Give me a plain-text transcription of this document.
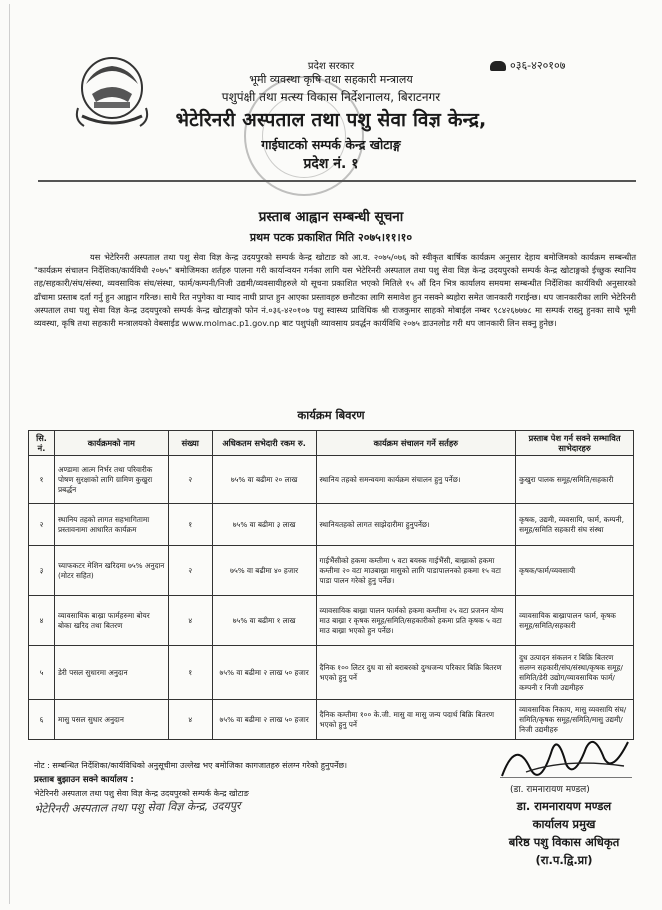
०३६-४२०१०७
प्रदेश सरकार
भूमी व्यवस्था कृषि तथा सहकारी मन्त्रालय
पशुपंक्षी तथा मत्स्य विकास निर्देशनालय, बिराटनगर
भेटेरिनरी अस्पताल तथा पशु सेवा विज्ञ केन्द्र,
गाईघाटको सम्पर्क केन्द्र खोटाङ्ग
प्रदेश नं. १
प्रस्ताब आह्वान सम्बन्धी सूचना
प्रथम पटक प्रकाशित मिति २०७५।११।१०
यस भेटेरिनरी अस्पताल तथा पशु सेवा विज्ञ केन्द्र उदयपुरको सम्पर्क केन्द्र खोटाङ को आ.व. २०७५/०७६ को स्वीकृत बार्षिक कार्यक्रम अनुसार देहाय बमोजिमको कार्यक्रम सम्बन्धीत "कार्यक्रम संचालन निर्देशिका/कार्यविधी २०७५" बमोजिमका शर्तहरु पालना गरी कार्यान्वयन गर्नका लागि यस भेटेरिनरी अस्पताल तथा पशु सेवा विज्ञ केन्द्र उदयपुरको सम्पर्क केन्द्र खोटाङ्गको ईच्छुक स्थानिय तह/सहकारी/संघ/संस्था, व्यवसायिक संघ/संस्था, फार्म/कम्पनी/निजी उद्यमी/व्यवसायीहरुले यो सूचना प्रकाशित भएको मितिले १५ औं दिन भित्र कार्यालय समयमा सम्बन्धीत निर्देशिका कार्यविधी अनुसारको ढाँचामा प्रस्ताब दर्ता गर्नु हुन आह्वान गरिन्छ। साथै रित नपुगेका वा म्याद नाघी प्राप्त हुन आएका प्रस्तावहरु छनौटका लागि समावेश हुन नसक्ने ब्यहोरा समेत जानकारी गराईन्छ। थप जानकारीका लागि भेटेरिनरी अस्पताल तथा पशु सेवा विज्ञ केन्द्र उदयपुरको सम्पर्क केन्द्र खोटाङ्गको फोन नं.०३६-४२०१०७ पशु स्वास्थ्य प्राविधिक श्री राजकुमार साहको मोबाईल नम्बर ९८४२६७७७८ मा सम्पर्क राख्नु हुनका साथै भूमी व्यवस्था, कृषि तथा सहकारी मन्त्रालयको वेबसाईड www.molmac.p1.gov.np बाट पशुपंक्षी व्यावसाय प्रवर्द्धन कार्यविधि २०७५ डाउनलोड गरी थप जानकारी लिन सक्नु हुनेछ।
कार्यक्रम बिवरण
सि. नं.	कार्यक्रमको नाम	संख्या	अधिकतम सभेदारी रकम रु.	कार्यक्रम संचालन गर्ने सर्तहरु	प्रस्ताब पेश गर्न सक्ने सम्भावित साभेदारहरु
१	अण्डामा आत्म निर्भर तथा परिवारीक पोषण सुरक्षाको लागि ग्रामिण कुखुरा प्रबर्द्धन	२	७५% वा बढीमा २० लाख	स्थानिय तहको समन्वयमा कार्यक्रम संचालन हुनु पर्नेछ।	कुखुरा पालक समूह/समिति/सहकारी
२	स्थानिय तहको लागत सहभागितामा प्रस्तावनामा आधारित कार्यक्रम	१	७५% वा बढीमा ३ लाख	स्थानियतहको लागत साझेदारीमा हुनुपर्नेछ।	कृषक, उद्यमी, व्यवसायि, फार्म, कम्पनी, समूह/समिति सहकारी संघ संस्था
३	च्याफकटर मेशिन खरिदमा ७५% अनुदान (मोटर सहित)	२	७५% वा बढीमा ४० हजार	गाईभैंसीको हकमा कम्तीमा ५ वटा बयस्क गाईभैंसी, बाख्राको हकमा कम्तीमा २० वटा माउबाख्रा मासुको लागि पाडापालनको हकमा १५ वटा पाडा पालन गरेको हुनु पर्नेछ।	कृषक/फार्म/व्यवसायी
४	व्यावसायिक बाख्रा फार्महरुमा बोयर बोका खरिद तथा बितरण	४	७५% वा बढीमा १ लाख	व्यावसायिक बाख्रा पालन फार्मको हकमा कम्तीमा २५ वटा प्रजनन योग्य माउ बाख्रा र कृषक समूह/समिति/सहकारीको हकमा प्रति कृषक ५ वटा माउ बाख्रा भएको हुन पर्नेछ।	व्यावसायिक बाख्रापालन फार्म, कृषक समूह/समिति/सहकारी
५	डेरी पसल सुधारमा अनुदान	१	७५% वा बढीमा २ लाख ५० हजार	दैनिक १०० लिटर दुध वा सो बराबरको दुग्धजन्य परिकार बिक्रि बितरण भएको हुनु पर्ने	दुध उत्पादन संकलन र बिक्रि बितरण सलग्न सहकारी/संघ/संस्था/कृषक समूह/समिति/डेरी उद्योग/व्यावसायिक फार्म/कम्पनी र निजी उद्यमीहरु
६	मासु पसल सुधार अनुदान	४	७५% वा बढीमा २ लाख ५० हजार	दैनिक कम्तीमा १०० के.जी. मासु वा मासु जन्य पदार्थ बिक्रि बितरण भएको हुनु पर्ने	व्यावसायिक निकाय, मासु व्यवसायि संघ/समिति/कृषक समूह/समिति/मासु उद्यमी/निजी उद्यमीहरु
नोट : सम्बन्धित निर्देशिका/कार्यविधिको अनुसूचीमा उल्लेख भए बमोजिका कागजातहरु संलग्न गरेको हुनुपर्नेछ।
प्रस्ताब बुझाउन सक्ने कार्यालय :
भेटेरिनरी अस्पताल तथा पशु सेवा विज्ञ केन्द्र उदयपुरको सम्पर्क केन्द्र खोटाङ
भेटेरिनरी अस्पताल तथा पशु सेवा विज्ञ केन्द्र, उदयपुर
(डा. रामनारायण मण्डल)
डा. रामनारायण मण्डल
कार्यालय प्रमुख
बरिष्ठ पशु विकास अधिकृत
(रा.प.द्वि.प्रा)
